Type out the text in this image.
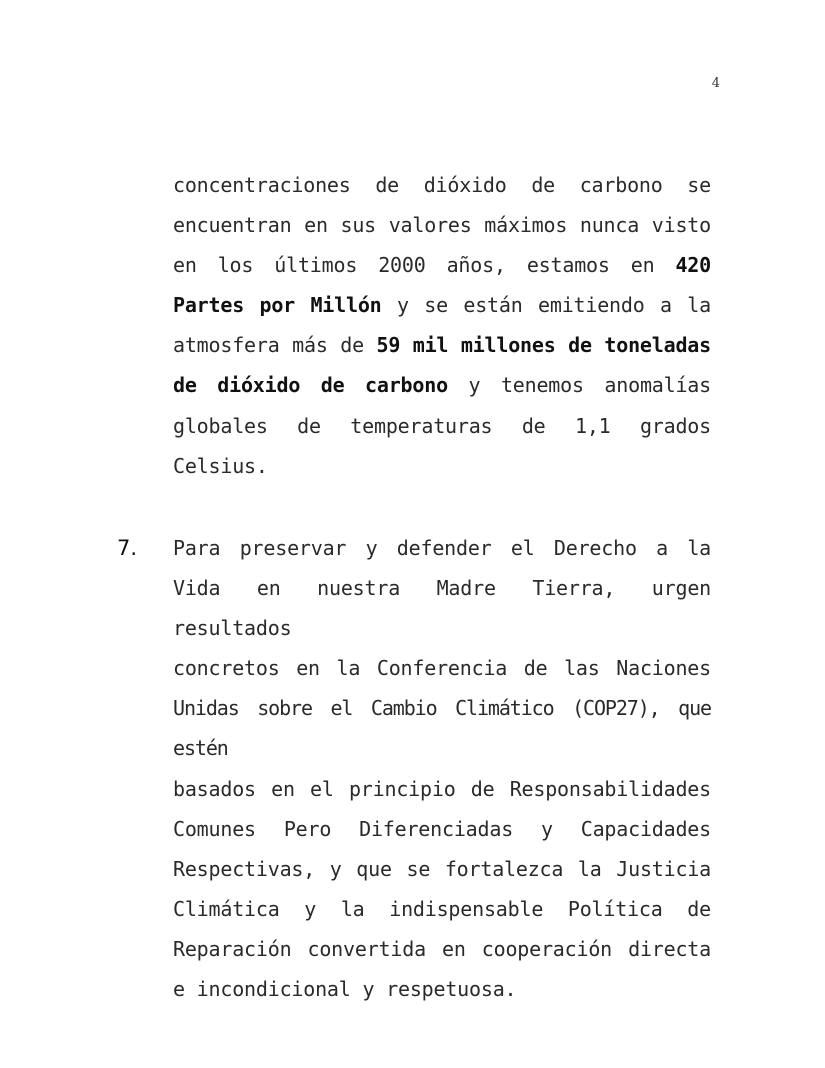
4
concentraciones de dióxido de carbono se
encuentran en sus valores máximos nunca visto
en los últimos 2000 años, estamos en 420
Partes por Millón y se están emitiendo a la
atmosfera más de 59 mil millones de toneladas
de dióxido de carbono y tenemos anomalías
globales de temperaturas de 1,1 grados
Celsius.
7. Para preservar y defender el Derecho a la
Vida en nuestra Madre Tierra, urgen resultados
concretos en la Conferencia de las Naciones
Unidas sobre el Cambio Climático (COP27), que estén
basados en el principio de Responsabilidades
Comunes Pero Diferenciadas y Capacidades
Respectivas, y que se fortalezca la Justicia
Climática y la indispensable Política de
Reparación convertida en cooperación directa
e incondicional y respetuosa.
